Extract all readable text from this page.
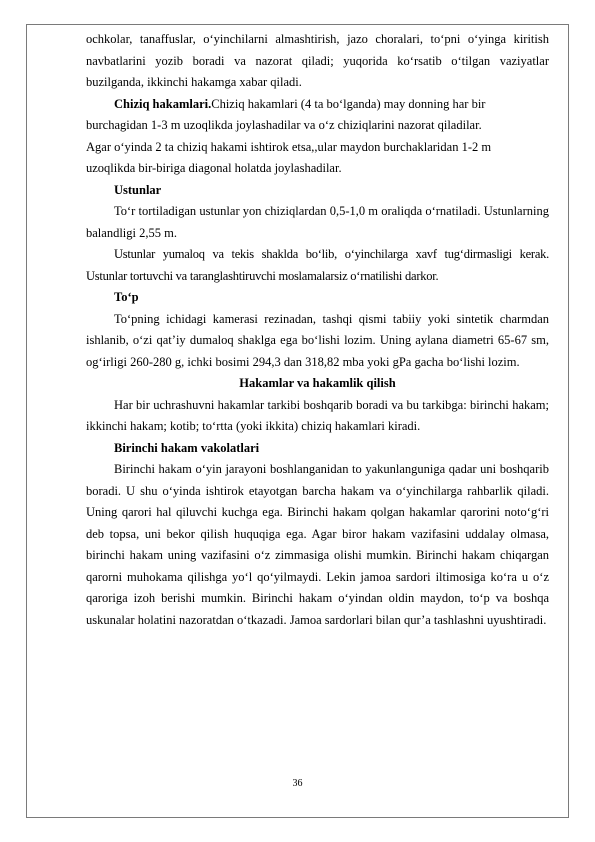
ochkolar, tanaffuslar, o‘yinchilarni almashtirish, jazo choralari, to‘pni o‘yinga kiritish navbatlarini yozib boradi va nazorat qiladi; yuqorida ko‘rsatib o‘tilgan vaziyatlar buzilganda, ikkinchi hakamga xabar qiladi.

Chiziq hakamlari.Chiziq hakamlari (4 ta bo‘lganda) may donning har bir

burchagidan 1-3 m uzoqlikda joylashadilar va o‘z chiziqlarini nazorat qiladilar.

Agar o‘yinda 2 ta chiziq hakami ishtirok etsa,,ular maydon burchaklaridan 1-2 m

uzoqlikda bir-biriga diagonal holatda joylashadilar.

Ustunlar

To‘r tortiladigan ustunlar yon chiziqlardan 0,5-1,0 m oraliqda o‘rnatiladi. Ustunlarning balandligi 2,55 m.

Ustunlar yumaloq va tekis shaklda bo‘lib, o‘yinchilarga xavf tug‘dirmasligi kerak. Ustunlar tortuvchi va taranglashtiruvchi moslamalarsiz o‘rnatilishi darkor.

To‘p

To‘pning ichidagi kamerasi rezinadan, tashqi qismi tabiiy yoki sintetik charmdan ishlanib, o‘zi qat’iy dumaloq shaklga ega bo‘lishi lozim. Uning aylana diametri 65-67 sm, og‘irligi 260-280 g, ichki bosimi 294,3 dan 318,82 mba yoki gPa gacha bo‘lishi lozim.

Hakamlar va hakamlik qilish

Har bir uchrashuvni hakamlar tarkibi boshqarib boradi va bu tarkibga: birinchi hakam; ikkinchi hakam; kotib; to‘rtta (yoki ikkita) chiziq hakamlari kiradi.

Birinchi hakam vakolatlari

Birinchi hakam o‘yin jarayoni boshlanganidan to yakunlanguniga qadar uni boshqarib boradi. U shu o‘yinda ishtirok etayotgan barcha hakam va o‘yinchilarga rahbarlik qiladi. Uning qarori hal qiluvchi kuchga ega. Birinchi hakam qolgan hakamlar qarorini noto‘g‘ri deb topsa, uni bekor qilish huquqiga ega. Agar biror hakam vazifasini uddalay olmasa, birinchi hakam uning vazifasini o‘z zimmasiga olishi mumkin. Birinchi hakam chiqargan qarorni muhokama qilishga yo‘l qo‘yilmaydi. Lekin jamoa sardori iltimosiga ko‘ra u o‘z qaroriga izoh berishi mumkin. Birinchi hakam o‘yindan oldin maydon, to‘p va boshqa uskunalar holatini nazoratdan o‘tkazadi. Jamoa sardorlari bilan qur’a tashlashni uyushtiradi.

36
